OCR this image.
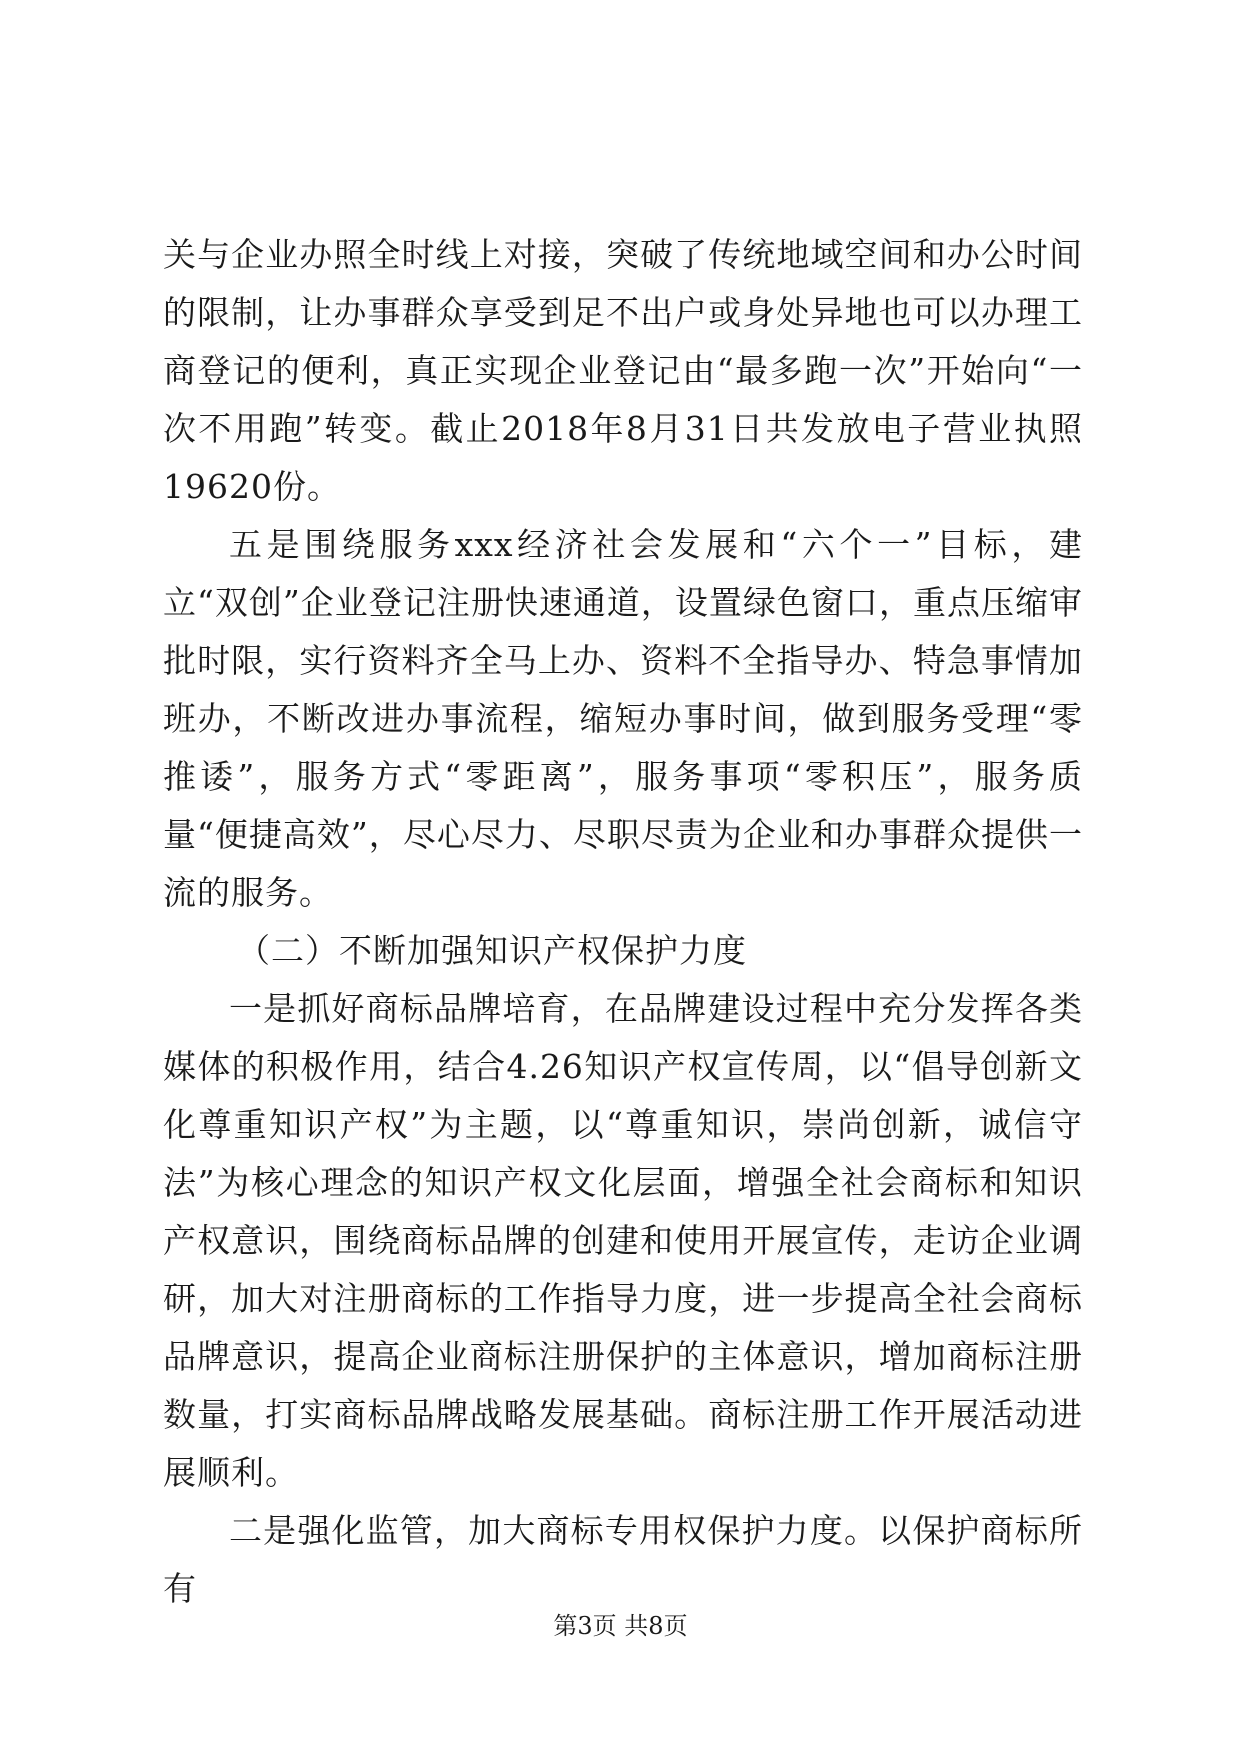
关与企业办照全时线上对接，突破了传统地域空间和办公时间的限制，让办事群众享受到足不出户或身处异地也可以办理工商登记的便利，真正实现企业登记由“最多跑一次”开始向“一次不用跑”转变。截止2018年8月31日共发放电子营业执照19620份。

五是围绕服务xxx经济社会发展和“六个一”目标，建立“双创”企业登记注册快速通道，设置绿色窗口，重点压缩审批时限，实行资料齐全马上办、资料不全指导办、特急事情加班办，不断改进办事流程，缩短办事时间，做到服务受理“零推诿”，服务方式“零距离”，服务事项“零积压”，服务质量“便捷高效”，尽心尽力、尽职尽责为企业和办事群众提供一流的服务。

（二）不断加强知识产权保护力度

一是抓好商标品牌培育，在品牌建设过程中充分发挥各类媒体的积极作用，结合4.26知识产权宣传周，以“倡导创新文化尊重知识产权”为主题，以“尊重知识，崇尚创新，诚信守法”为核心理念的知识产权文化层面，增强全社会商标和知识产权意识，围绕商标品牌的创建和使用开展宣传，走访企业调研，加大对注册商标的工作指导力度，进一步提高全社会商标品牌意识，提高企业商标注册保护的主体意识，增加商标注册数量，打实商标品牌战略发展基础。商标注册工作开展活动进展顺利。

二是强化监管，加大商标专用权保护力度。以保护商标所有

第3页 共8页
